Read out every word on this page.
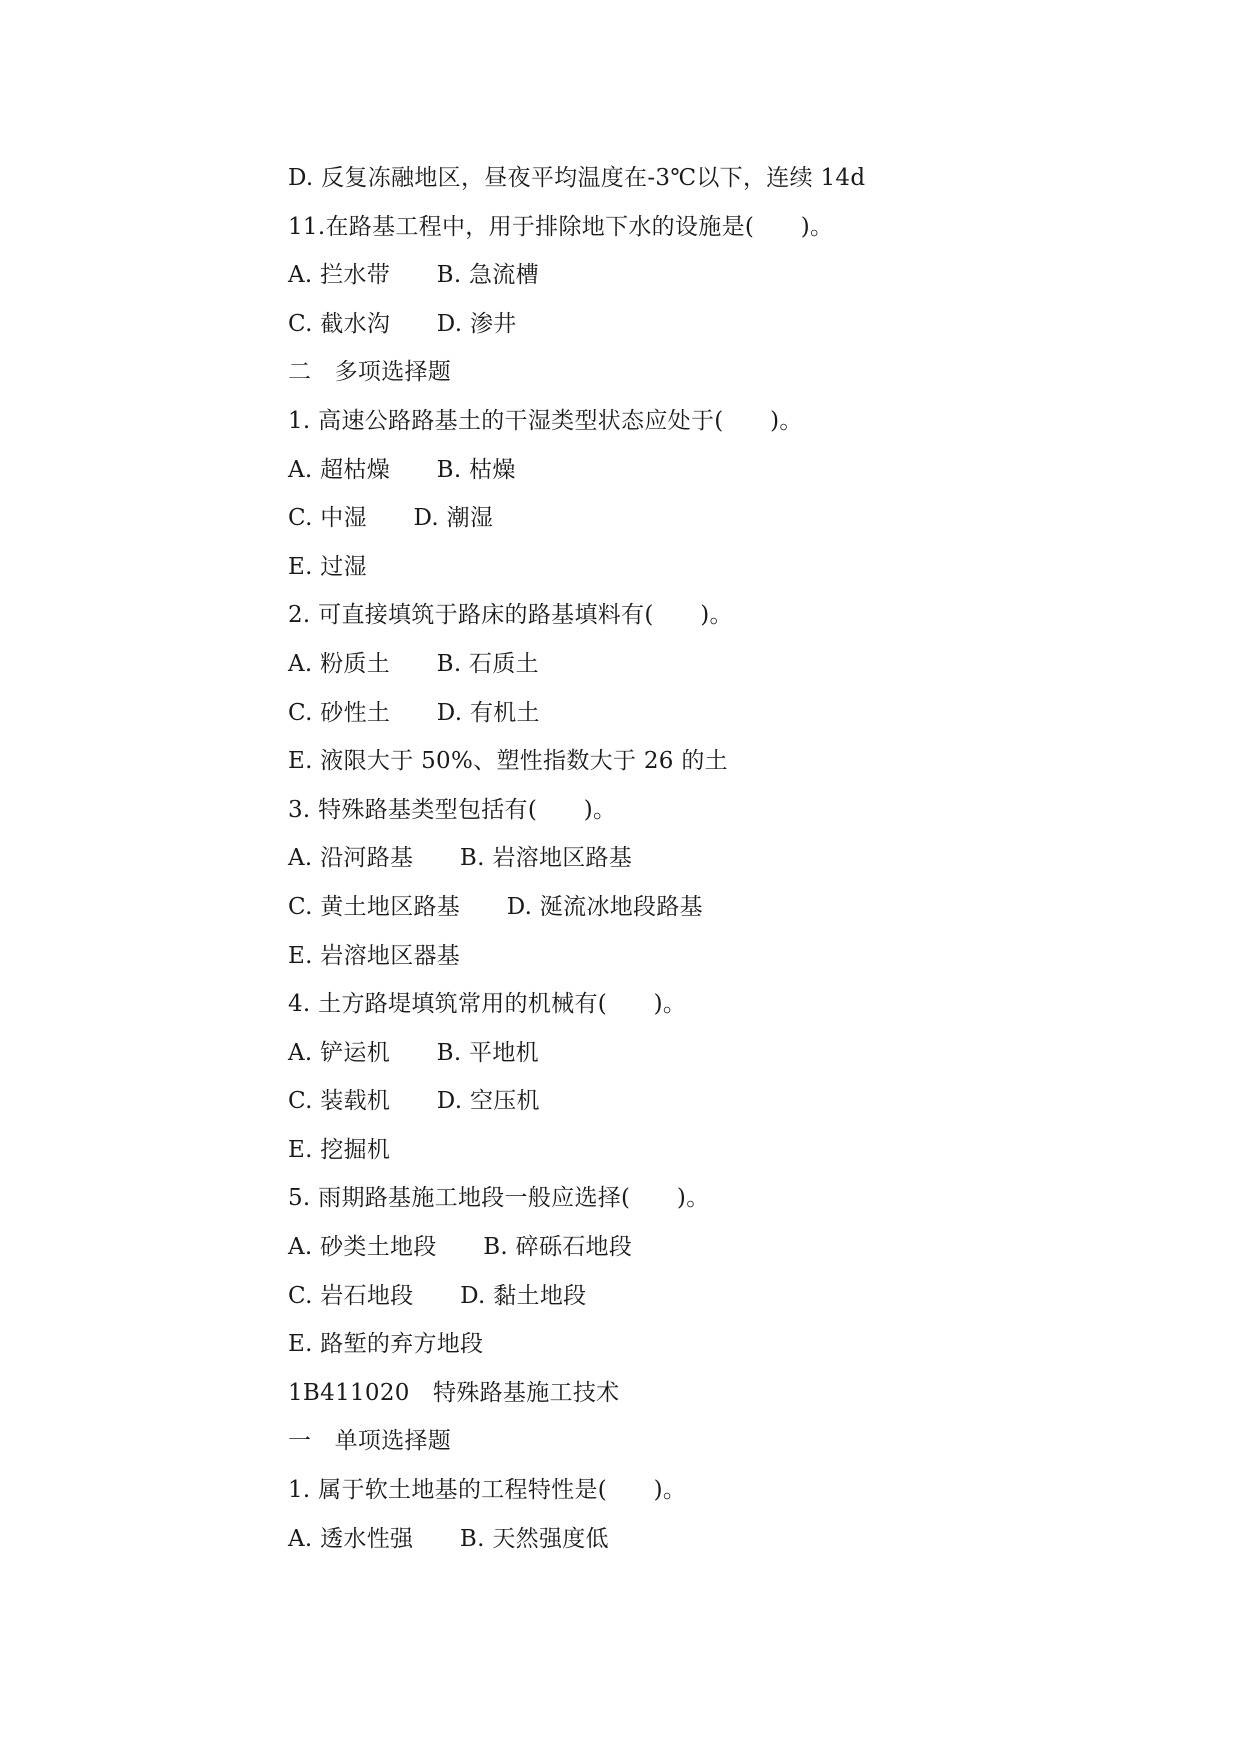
D. 反复冻融地区，昼夜平均温度在-3℃以下，连续 14d
11.在路基工程中，用于排除地下水的设施是(　　)。
A. 拦水带　　B. 急流槽
C. 截水沟　　D. 渗井
二　多项选择题
1. 高速公路路基土的干湿类型状态应处于(　　)。
A. 超枯燥　　B. 枯燥
C. 中湿　　D. 潮湿
E. 过湿
2. 可直接填筑于路床的路基填料有(　　)。
A. 粉质土　　B. 石质土
C. 砂性土　　D. 有机土
E. 液限大于 50%、塑性指数大于 26 的土
3. 特殊路基类型包括有(　　)。
A. 沿河路基　　B. 岩溶地区路基
C. 黄土地区路基　　D. 涎流冰地段路基
E. 岩溶地区器基
4. 土方路堤填筑常用的机械有(　　)。
A. 铲运机　　B. 平地机
C. 装载机　　D. 空压机
E. 挖掘机
5. 雨期路基施工地段一般应选择(　　)。
A. 砂类土地段　　B. 碎砾石地段
C. 岩石地段　　D. 黏土地段
E. 路堑的弃方地段
1B411020　特殊路基施工技术
一　单项选择题
1. 属于软土地基的工程特性是(　　)。
A. 透水性强　　B. 天然强度低
